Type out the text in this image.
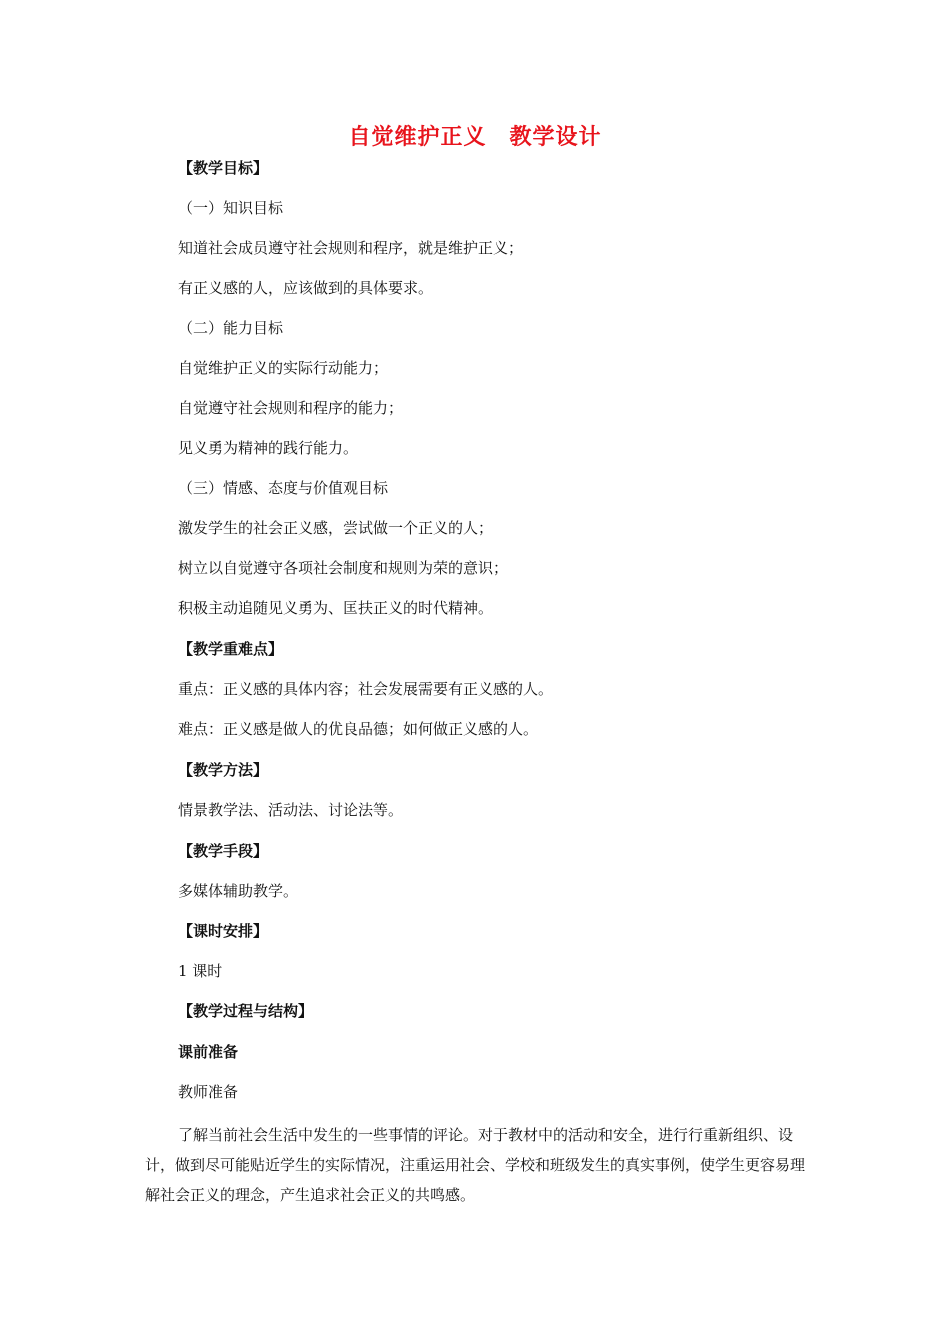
自觉维护正义　教学设计
【教学目标】
（一）知识目标
知道社会成员遵守社会规则和程序，就是维护正义；
有正义感的人，应该做到的具体要求。
（二）能力目标
自觉维护正义的实际行动能力；
自觉遵守社会规则和程序的能力；
见义勇为精神的践行能力。
（三）情感、态度与价值观目标
激发学生的社会正义感，尝试做一个正义的人；
树立以自觉遵守各项社会制度和规则为荣的意识；
积极主动追随见义勇为、匡扶正义的时代精神。
【教学重难点】
重点：正义感的具体内容；社会发展需要有正义感的人。
难点：正义感是做人的优良品德；如何做正义感的人。
【教学方法】
情景教学法、活动法、讨论法等。
【教学手段】
多媒体辅助教学。
【课时安排】
1 课时
【教学过程与结构】
课前准备
教师准备
了解当前社会生活中发生的一些事情的评论。对于教材中的活动和安全，进行行重新组织、设计，做到尽可能贴近学生的实际情况，注重运用社会、学校和班级发生的真实事例，使学生更容易理解社会正义的理念，产生追求社会正义的共鸣感。
